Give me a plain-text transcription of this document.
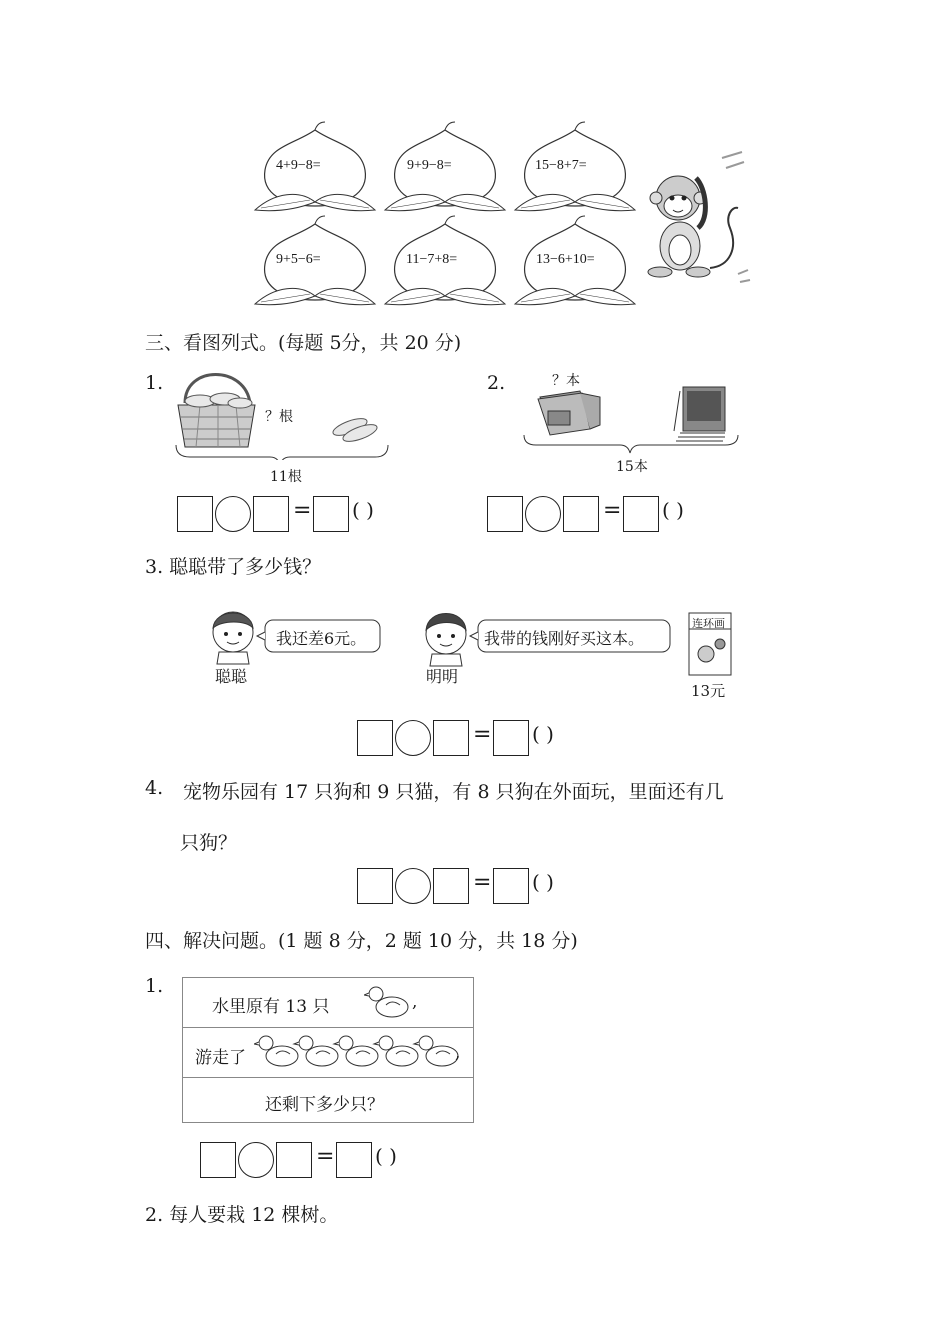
4+9−8=	9+9−8=	15−8+7=
9+5−6=	11−7+8=	13−6+10=
三、看图列式。(每题 5分，共 20 分)
1.
？根
11根
= ( )
2.	？本
15本
= ( )
3. 聪聪带了多少钱？
我还差6元。
聪聪
我带的钱刚好买这本。
明明
连环画
13元
= ( )
4. 宠物乐园有 17 只狗和 9 只猫，有 8 只狗在外面玩，里面还有几
只狗？
= ( )
四、解决问题。(1 题 8 分，2 题 10 分，共 18 分)
1.
水里原有 13 只
游走了
还剩下多少只？
,
,
= ( )
2. 每人要栽 12 棵树。
